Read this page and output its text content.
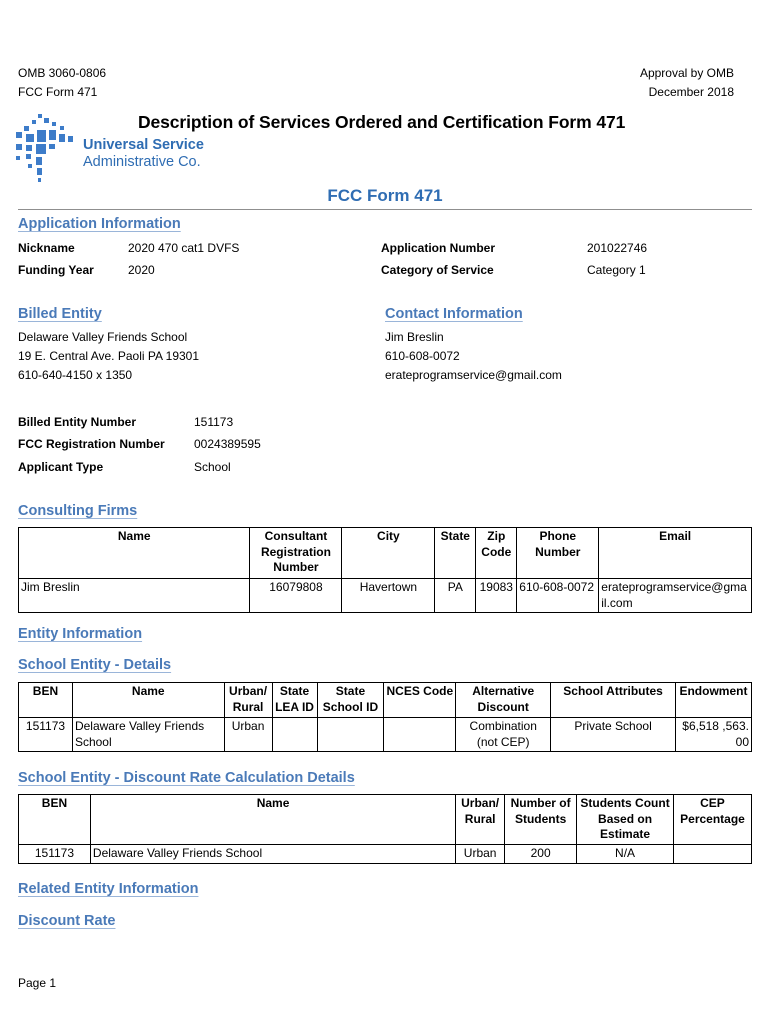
OMB 3060-0806
FCC Form 471
Approval by OMB
December 2018
Universal Service
Administrative Co.
Description of Services Ordered and Certification Form 471
FCC Form 471
Application Information
Nickname	2020 470 cat1 DVFS
Funding Year	2020
Application Number	201022746
Category of Service	Category 1
Billed Entity
Delaware Valley Friends School
19 E. Central Ave. Paoli PA 19301
610-640-4150 x 1350
Contact Information
Jim Breslin
610-608-0072
erateprogramservice@gmail.com
Billed Entity Number	151173
FCC Registration Number 0024389595
Applicant Type	School
Consulting Firms
Name	Consultant Registration Number	City	State	Zip Code	Phone Number	Email
Jim Breslin	16079808	Havertown	PA	19083	610-608-0072	erateprogramservice@gmail.com
Entity Information
School Entity - Details
BEN	Name	Urban/ Rural	State LEA ID	State School ID	NCES Code	Alternative Discount	School Attributes	Endowment
151173	Delaware Valley Friends School	Urban				Combination (not CEP)	Private School	$6,518 ,563.00
School Entity - Discount Rate Calculation Details
BEN	Name	Urban/ Rural	Number of Students	Students Count Based on Estimate	CEP Percentage
151173	Delaware Valley Friends School	Urban	200	N/A	
Related Entity Information
Discount Rate
Page 1
